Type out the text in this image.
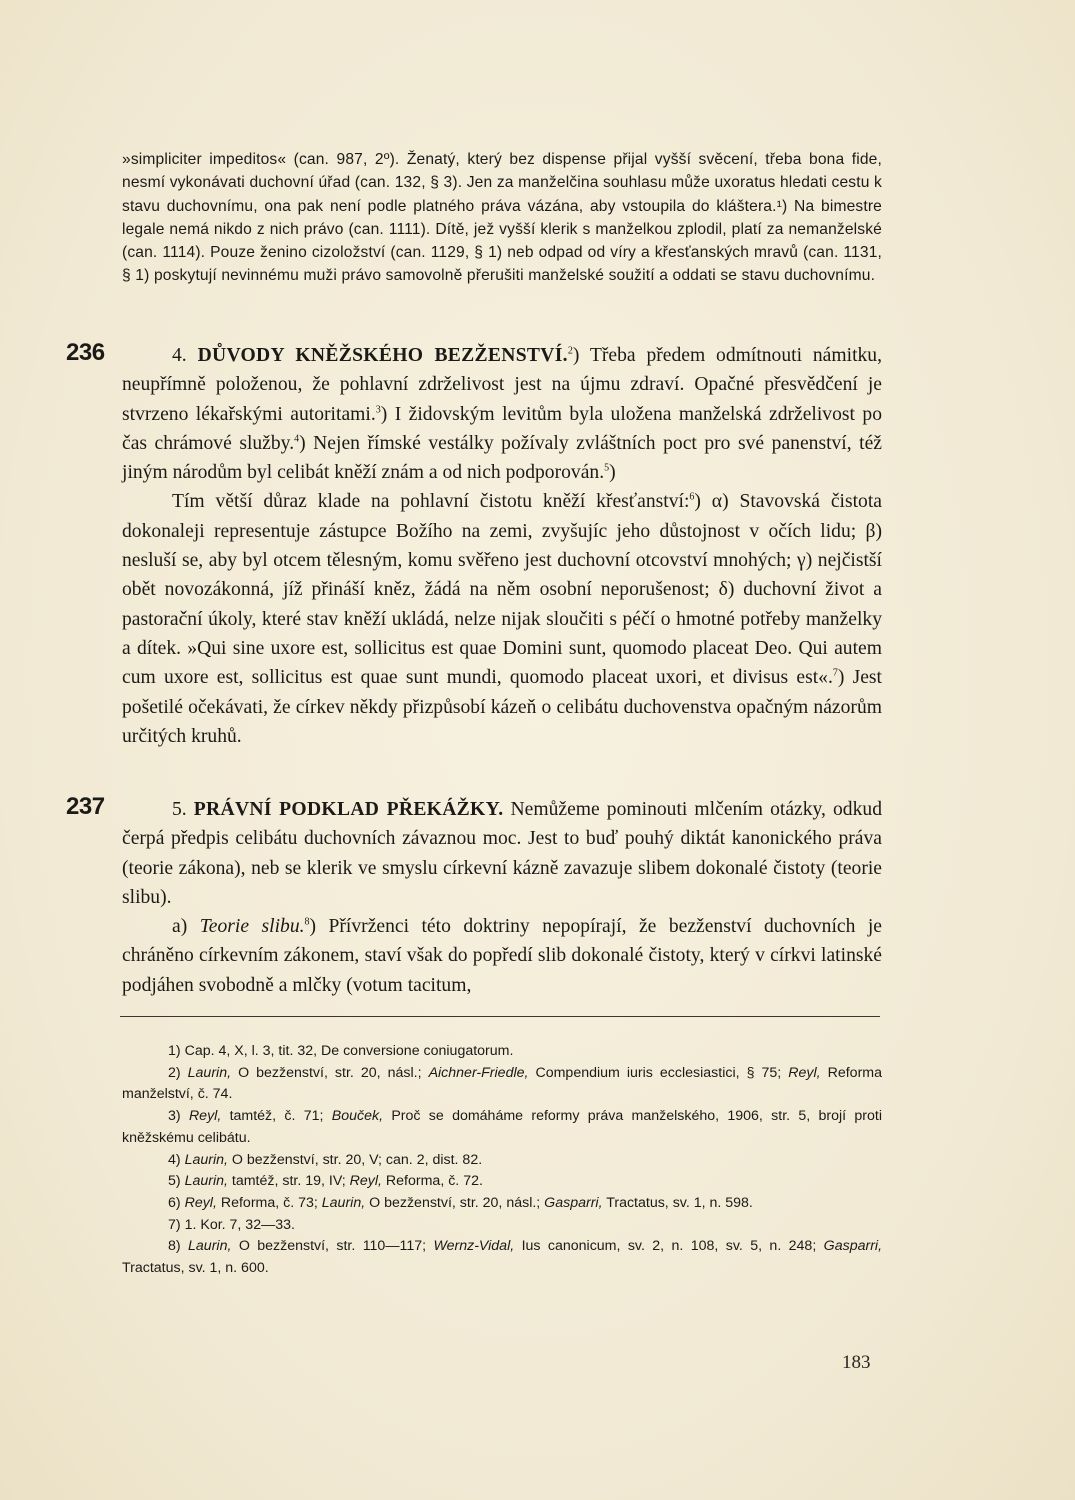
»simpliciter impeditos« (can. 987, 2º). Ženatý, který bez dispense přijal vyšší svěcení, třeba bona fide, nesmí vykonávati duchovní úřad (can. 132, § 3). Jen za manželčina souhlasu může uxoratus hledati cestu k stavu duchovnímu, ona pak není podle platného práva vázána, aby vstoupila do kláštera.¹) Na bimestre legale nemá nikdo z nich právo (can. 1111). Dítě, jež vyšší klerik s manželkou zplodil, platí za nemanželské (can. 1114). Pouze ženino cizoložství (can. 1129, § 1) neb odpad od víry a křesťanských mravů (can. 1131, § 1) poskytují nevinnému muži právo samovolně přerušiti manželské soužití a oddati se stavu duchovnímu.
236	4. DŮVODY KNĚŽSKÉHO BEZŽENSTVÍ.$^2$) Třeba předem odmítnouti námitku, neupřímně položenou, že pohlavní zdrželivost jest na újmu zdraví. Opačné přesvědčení je stvrzeno lékařskými autoritami.$^3$) I židovským levitům byla uložena manželská zdrželivost po čas chrámové služby.$^4$) Nejen římské vestálky požívaly zvláštních poct pro své panenství, též jiným národům byl celibát kněží znám a od nich podporován.$^5$)

Tím větší důraz klade na pohlavní čistotu kněží křesťanství:$^6$) α) Stavovská čistota dokonaleji representuje zástupce Božího na zemi, zvyšujíc jeho důstojnost v očích lidu; β) nesluší se, aby byl otcem tělesným, komu svěřeno jest duchovní otcovství mnohých; γ) nejčistší obět novozákonná, jíž přináší kněz, žádá na něm osobní neporušenost; δ) duchovní život a pastorační úkoly, které stav kněží ukládá, nelze nijak sloučiti s péčí o hmotné potřeby manželky a dítek. »Qui sine uxore est, sollicitus est quae Domini sunt, quomodo placeat Deo. Qui autem cum uxore est, sollicitus est quae sunt mundi, quomodo placeat uxori, et divisus est«.$^7$) Jest pošetilé očekávati, že církev někdy přizpůsobí kázeň o celibátu duchovenstva opačným názorům určitých kruhů.

237	5. PRÁVNÍ PODKLAD PŘEKÁŽKY. Nemůžeme pominouti mlčením otázky, odkud čerpá předpis celibátu duchovních závaznou moc. Jest to buď pouhý diktát kanonického práva (teorie zákona), neb se klerik ve smyslu církevní kázně zavazuje slibem dokonalé čistoty (teorie slibu).

a) Teorie slibu.$^8$) Přívrženci této doktriny nepopírají, že bezženství duchovních je chráněno církevním zákonem, staví však do popředí slib dokonalé čistoty, který v církvi latinské podjáhen svobodně a mlčky (votum tacitum,

1) Cap. 4, X, l. 3, tit. 32, De conversione coniugatorum.

2) Laurin, O bezženství, str. 20, násl.; Aichner-Friedle, Compendium iuris ecclesiastici, § 75; Reyl, Reforma manželství, č. 74.

3) Reyl, tamtéž, č. 71; Bouček, Proč se domáháme reformy práva manželského, 1906, str. 5, brojí proti kněžskému celibátu.

4) Laurin, O bezženství, str. 20, V; can. 2, dist. 82.

5) Laurin, tamtéž, str. 19, IV; Reyl, Reforma, č. 72.

6) Reyl, Reforma, č. 73; Laurin, O bezženství, str. 20, násl.; Gasparri, Tractatus, sv. 1, n. 598.

7) 1. Kor. 7, 32—33.

8) Laurin, O bezženství, str. 110—117; Wernz-Vidal, Ius canonicum, sv. 2, n. 108, sv. 5, n. 248; Gasparri, Tractatus, sv. 1, n. 600.

183
